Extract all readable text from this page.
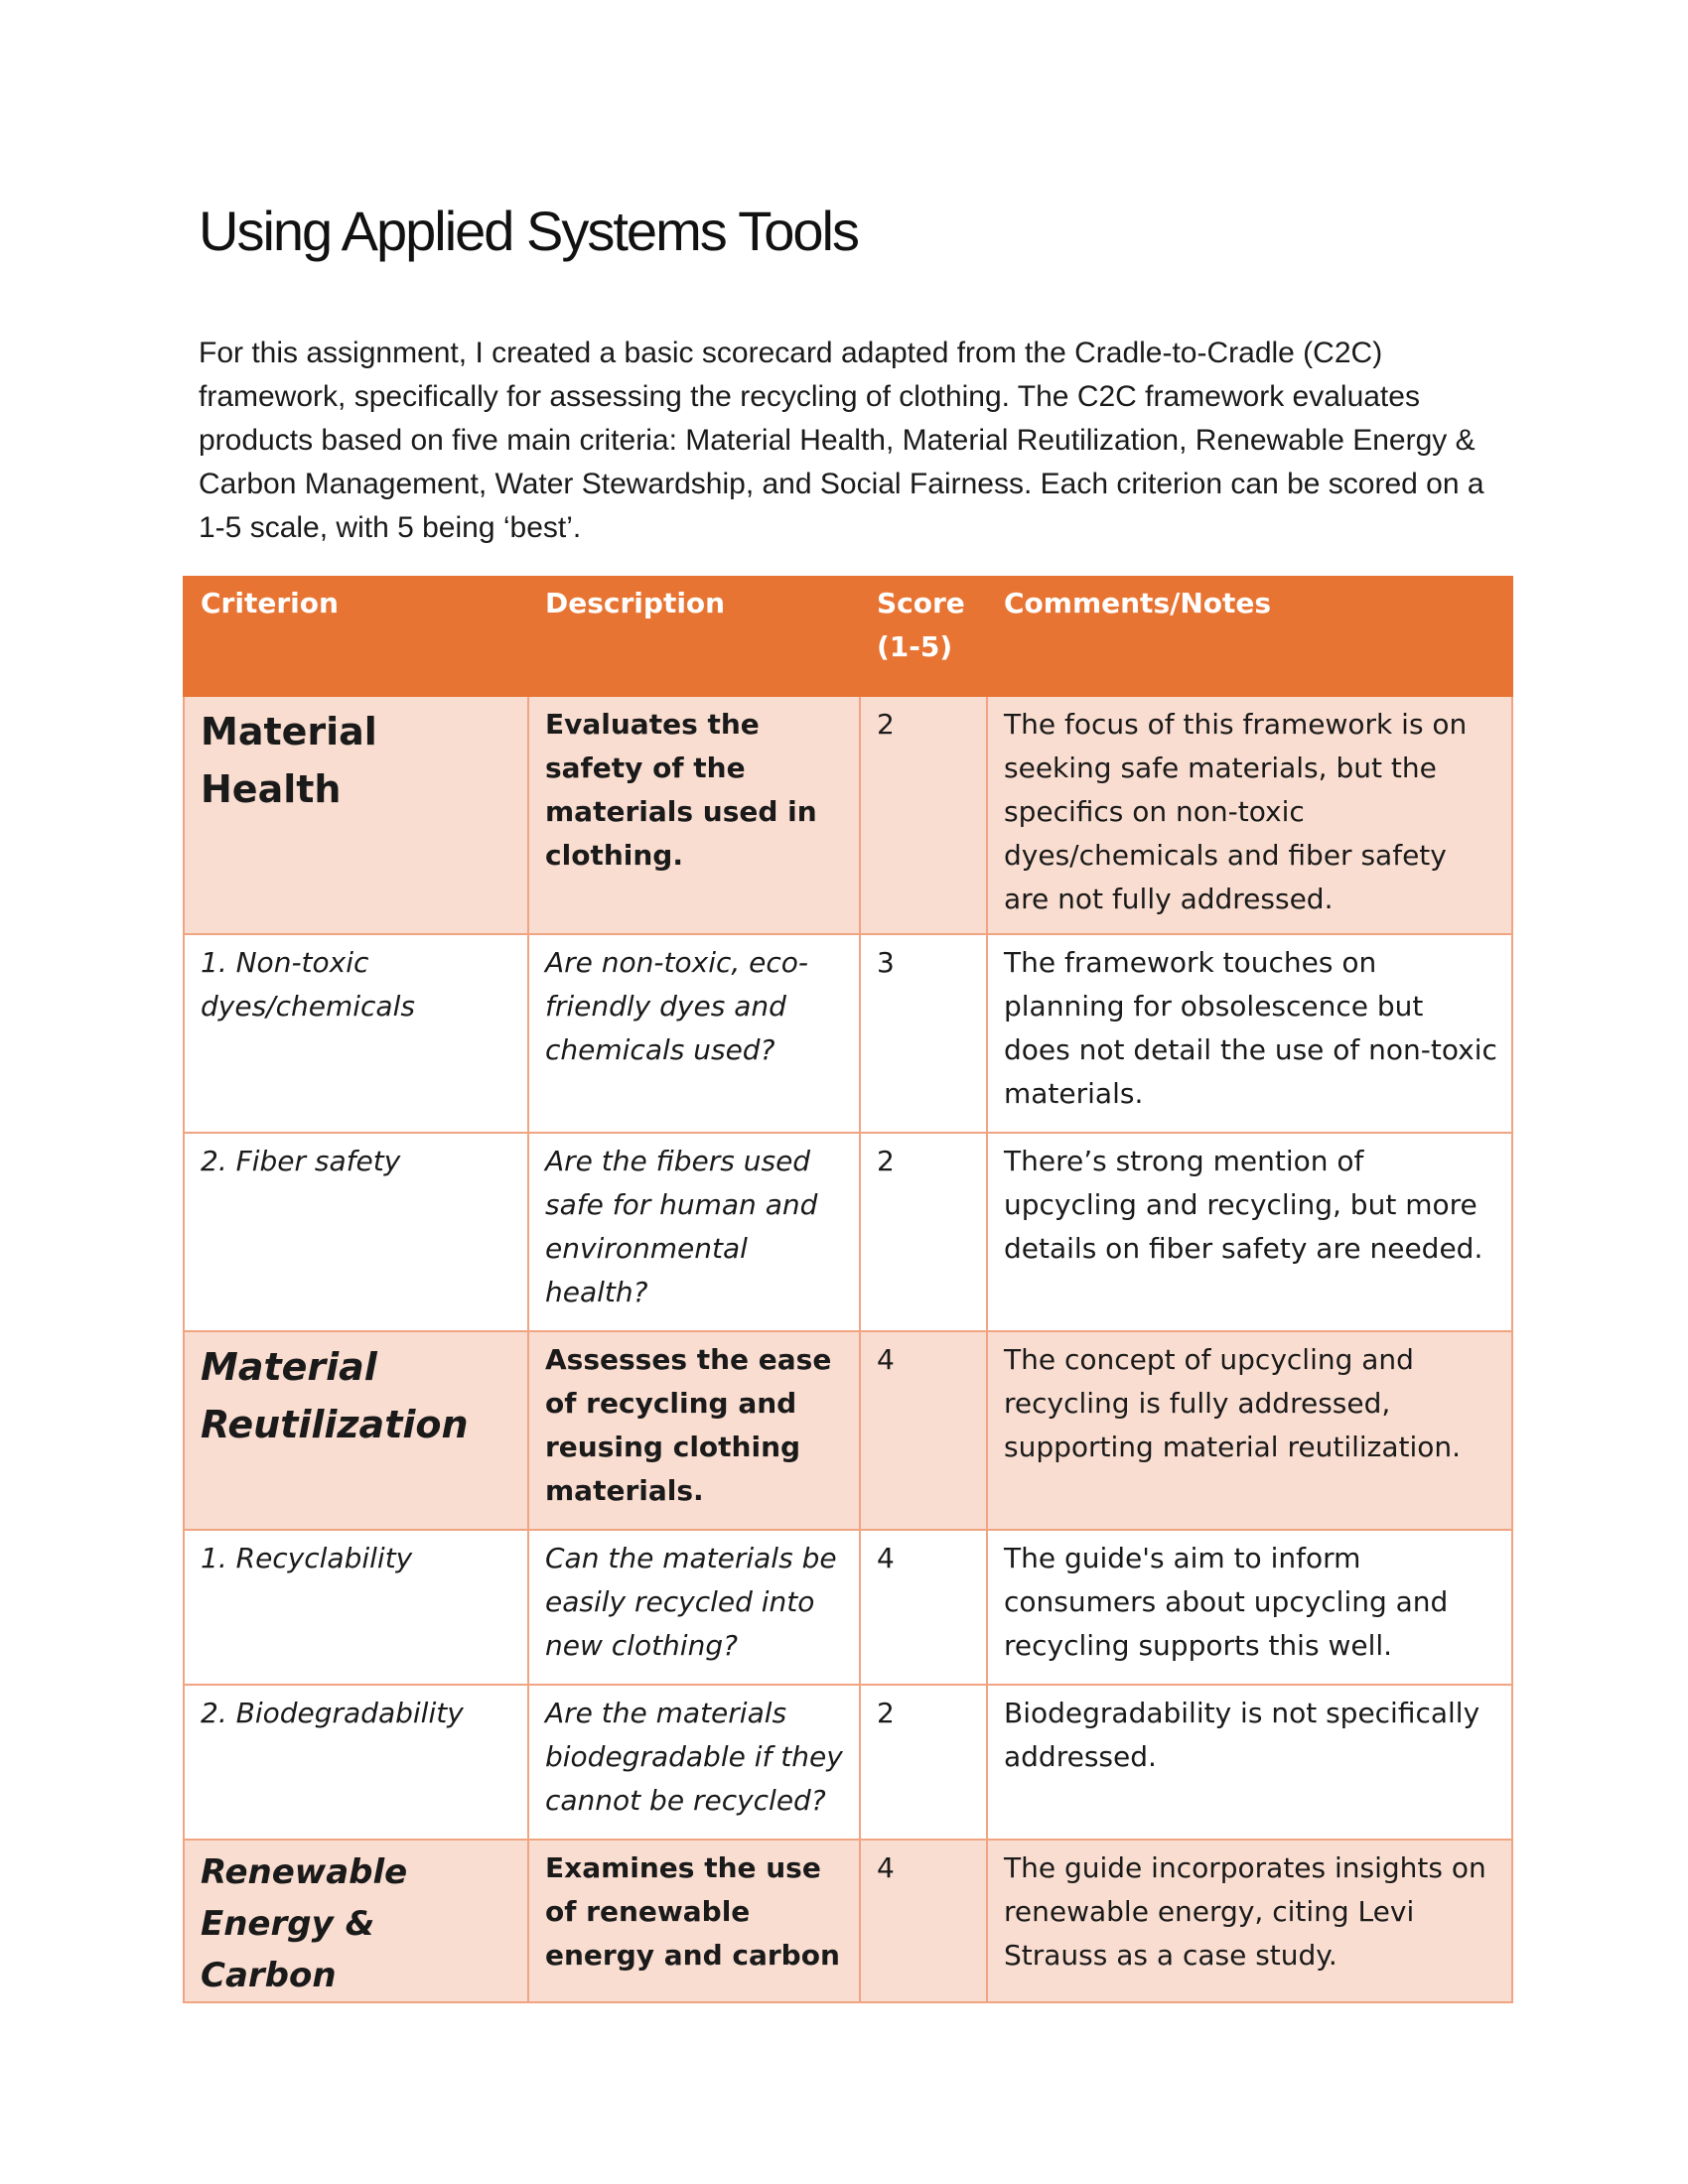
Using Applied Systems Tools

For this assignment, I created a basic scorecard adapted from the Cradle-to-Cradle (C2C) framework, specifically for assessing the recycling of clothing. The C2C framework evaluates products based on five main criteria: Material Health, Material Reutilization, Renewable Energy & Carbon Management, Water Stewardship, and Social Fairness. Each criterion can be scored on a 1-5 scale, with 5 being ‘best’.

Criterion	Description	Score (1-5)	Comments/Notes
Material Health	Evaluates the safety of the materials used in clothing.	2	The focus of this framework is on seeking safe materials, but the specifics on non-toxic dyes/chemicals and fiber safety are not fully addressed.
1. Non-toxic dyes/chemicals	Are non-toxic, eco-friendly dyes and chemicals used?	3	The framework touches on planning for obsolescence but does not detail the use of non-toxic materials.
2. Fiber safety	Are the fibers used safe for human and environmental health?	2	There’s strong mention of upcycling and recycling, but more details on fiber safety are needed.
Material Reutilization	Assesses the ease of recycling and reusing clothing materials.	4	The concept of upcycling and recycling is fully addressed, supporting material reutilization.
1. Recyclability	Can the materials be easily recycled into new clothing?	4	The guide's aim to inform consumers about upcycling and recycling supports this well.
2. Biodegradability	Are the materials biodegradable if they cannot be recycled?	2	Biodegradability is not specifically addressed.
Renewable Energy & Carbon	Examines the use of renewable energy and carbon	4	The guide incorporates insights on renewable energy, citing Levi Strauss as a case study.
